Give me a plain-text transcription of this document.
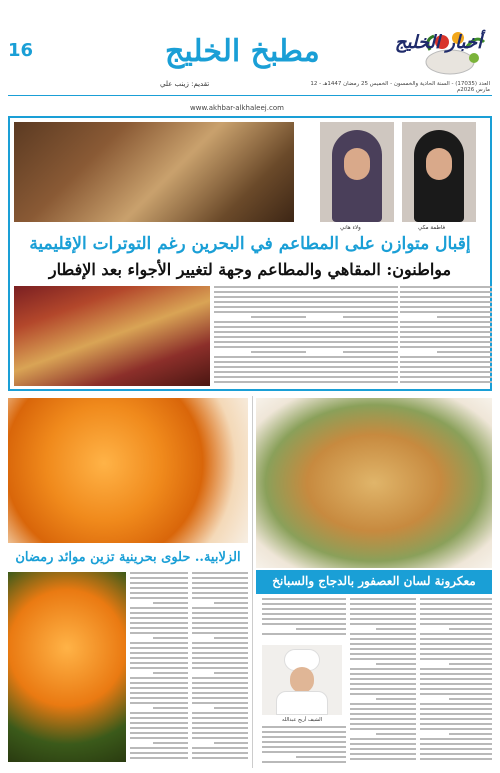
16	مطبخ الخليج	أخبار الخليج
تقديم: زينب علي	العدد (17035) - السنة الحادية والخمسون - الخميس 25 رمضان 1447هـ - 12 مارس 2026م
www.akhbar-alkhaleej.com
فاطمة مكي
ولاء هاني
إقبال متوازن على المطاعم في البحرين رغم التوترات الإقليمية
مواطنون: المقاهي والمطاعم وجهة لتغيير الأجواء بعد الإفطار
الزلابية.. حلوى بحرينية تزين موائد رمضان
معكرونة لسان العصفور بالدجاج والسبانخ
الشيف أريج عبدالله
